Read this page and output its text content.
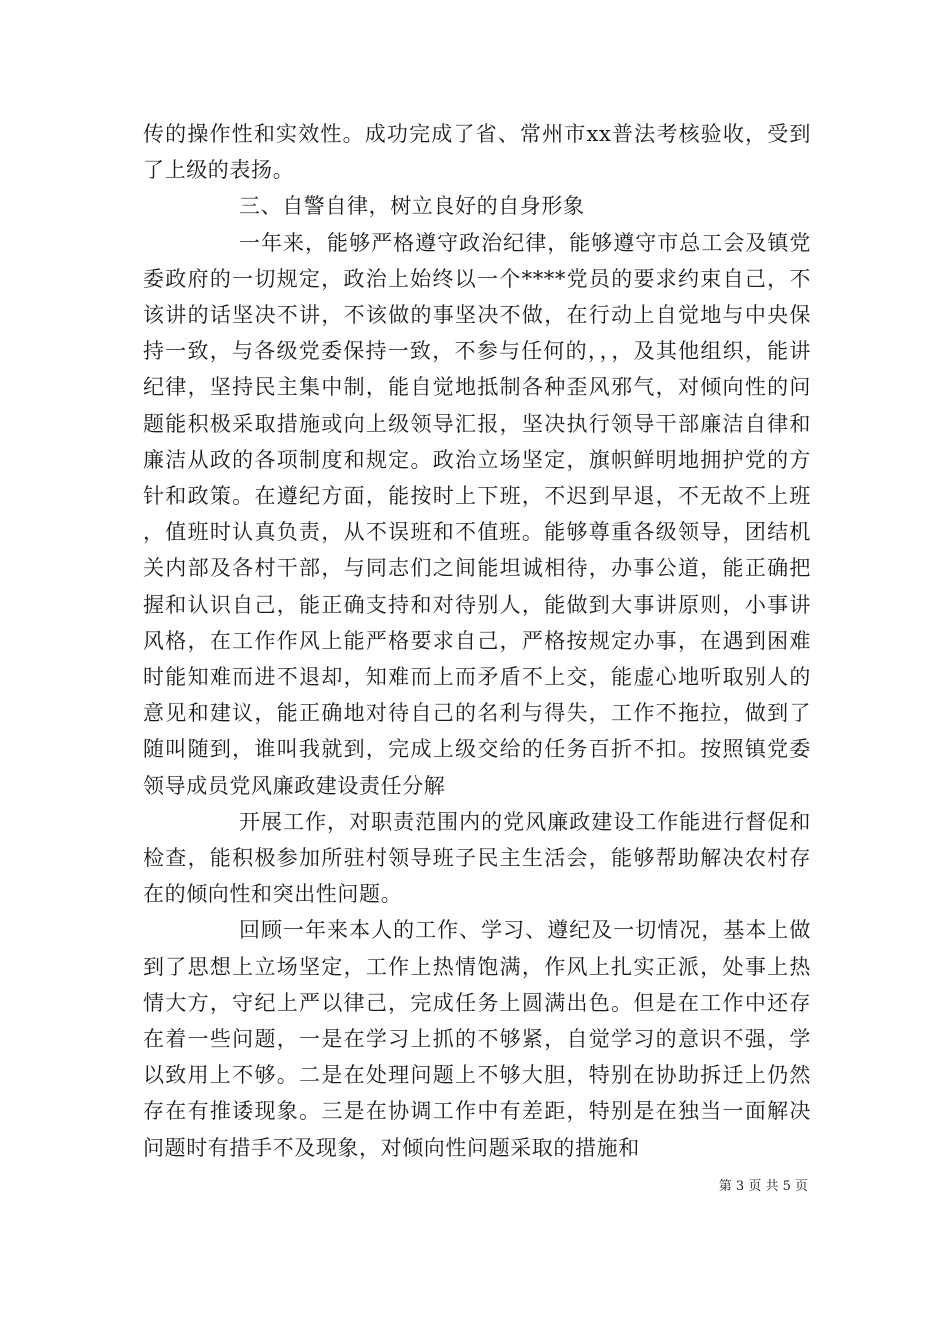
传的操作性和实效性。成功完成了省、常州市xx普法考核验收，受到了上级的表扬。

三、自警自律，树立良好的自身形象

一年来，能够严格遵守政治纪律，能够遵守市总工会及镇党委政府的一切规定，政治上始终以一个****党员的要求约束自己，不该讲的话坚决不讲，不该做的事坚决不做，在行动上自觉地与中央保持一致，与各级党委保持一致，不参与任何的，，，及其他组织，能讲纪律，坚持民主集中制，能自觉地抵制各种歪风邪气，对倾向性的问题能积极采取措施或向上级领导汇报，坚决执行领导干部廉洁自律和廉洁从政的各项制度和规定。政治立场坚定，旗帜鲜明地拥护党的方针和政策。在遵纪方面，能按时上下班，不迟到早退，不无故不上班，值班时认真负责，从不误班和不值班。能够尊重各级领导，团结机关内部及各村干部，与同志们之间能坦诚相待，办事公道，能正确把握和认识自己，能正确支持和对待别人，能做到大事讲原则，小事讲风格，在工作作风上能严格要求自己，严格按规定办事，在遇到困难时能知难而进不退却，知难而上而矛盾不上交，能虚心地听取别人的意见和建议，能正确地对待自己的名利与得失，工作不拖拉，做到了随叫随到，谁叫我就到，完成上级交给的任务百折不扣。按照镇党委领导成员党风廉政建设责任分解

开展工作，对职责范围内的党风廉政建设工作能进行督促和检查，能积极参加所驻村领导班子民主生活会，能够帮助解决农村存在的倾向性和突出性问题。

回顾一年来本人的工作、学习、遵纪及一切情况，基本上做到了思想上立场坚定，工作上热情饱满，作风上扎实正派，处事上热情大方，守纪上严以律己，完成任务上圆满出色。但是在工作中还存在着一些问题，一是在学习上抓的不够紧，自觉学习的意识不强，学以致用上不够。二是在处理问题上不够大胆，特别在协助拆迁上仍然存在有推诿现象。三是在协调工作中有差距，特别是在独当一面解决问题时有措手不及现象，对倾向性问题采取的措施和

第 3 页 共 5 页
